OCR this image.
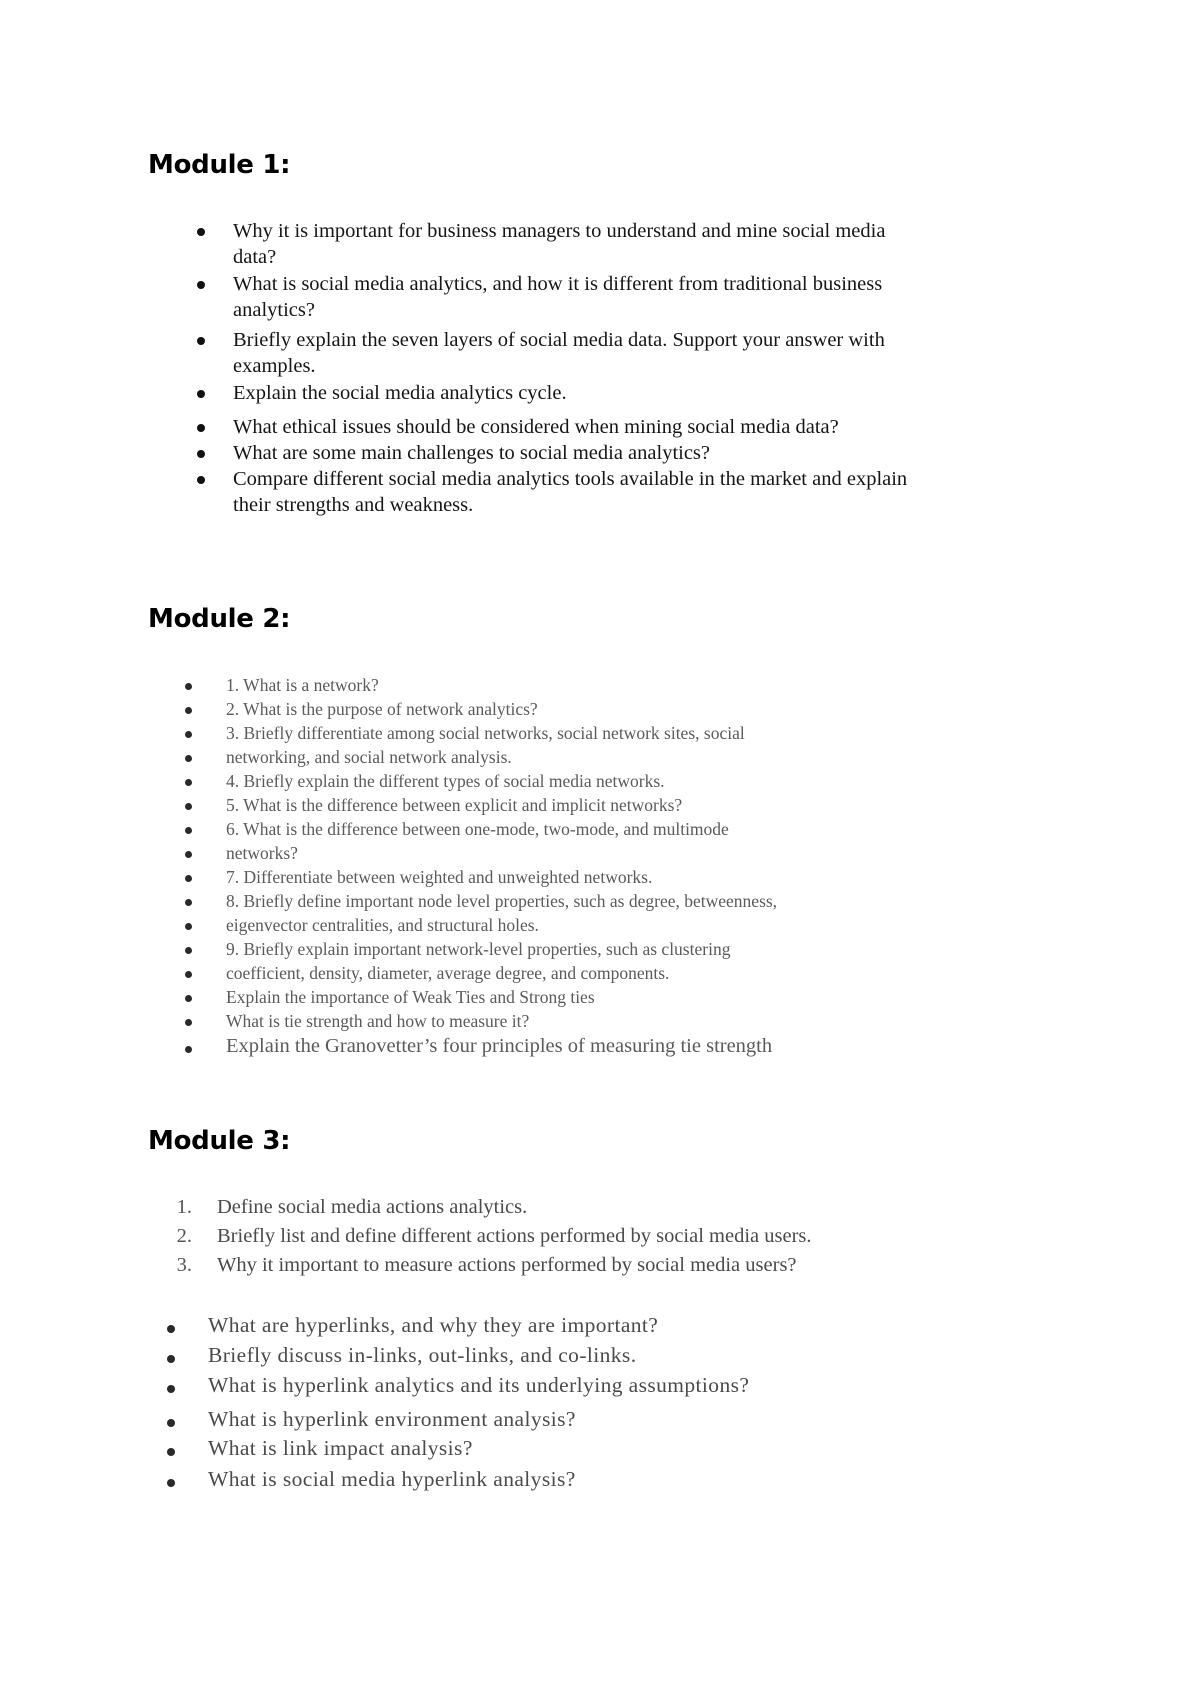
Module 1:

Why it is important for business managers to understand and mine social media

data?

What is social media analytics, and how it is different from traditional business

analytics?

Briefly explain the seven layers of social media data. Support your answer with

examples.

Explain the social media analytics cycle.

What ethical issues should be considered when mining social media data?

What are some main challenges to social media analytics?

Compare different social media analytics tools available in the market and explain

their strengths and weakness.

Module 2:

1. What is a network?

2. What is the purpose of network analytics?

3. Briefly differentiate among social networks, social network sites, social

networking, and social network analysis.

4. Briefly explain the different types of social media networks.

5. What is the difference between explicit and implicit networks?

6. What is the difference between one-mode, two-mode, and multimode

networks?

7. Differentiate between weighted and unweighted networks.

8. Briefly define important node level properties, such as degree, betweenness,

eigenvector centralities, and structural holes.

9. Briefly explain important network-level properties, such as clustering

coefficient, density, diameter, average degree, and components.

Explain the importance of Weak Ties and Strong ties

What is tie strength and how to measure it?

Explain the Granovetter’s four principles of measuring tie strength

Module 3:
1. Define social media actions analytics.

2. Briefly list and define different actions performed by social media users.

3. Why it important to measure actions performed by social media users?

What are hyperlinks, and why they are important?

Briefly discuss in-links, out-links, and co-links.

What is hyperlink analytics and its underlying assumptions?

What is hyperlink environment analysis?

What is link impact analysis?

What is social media hyperlink analysis?
